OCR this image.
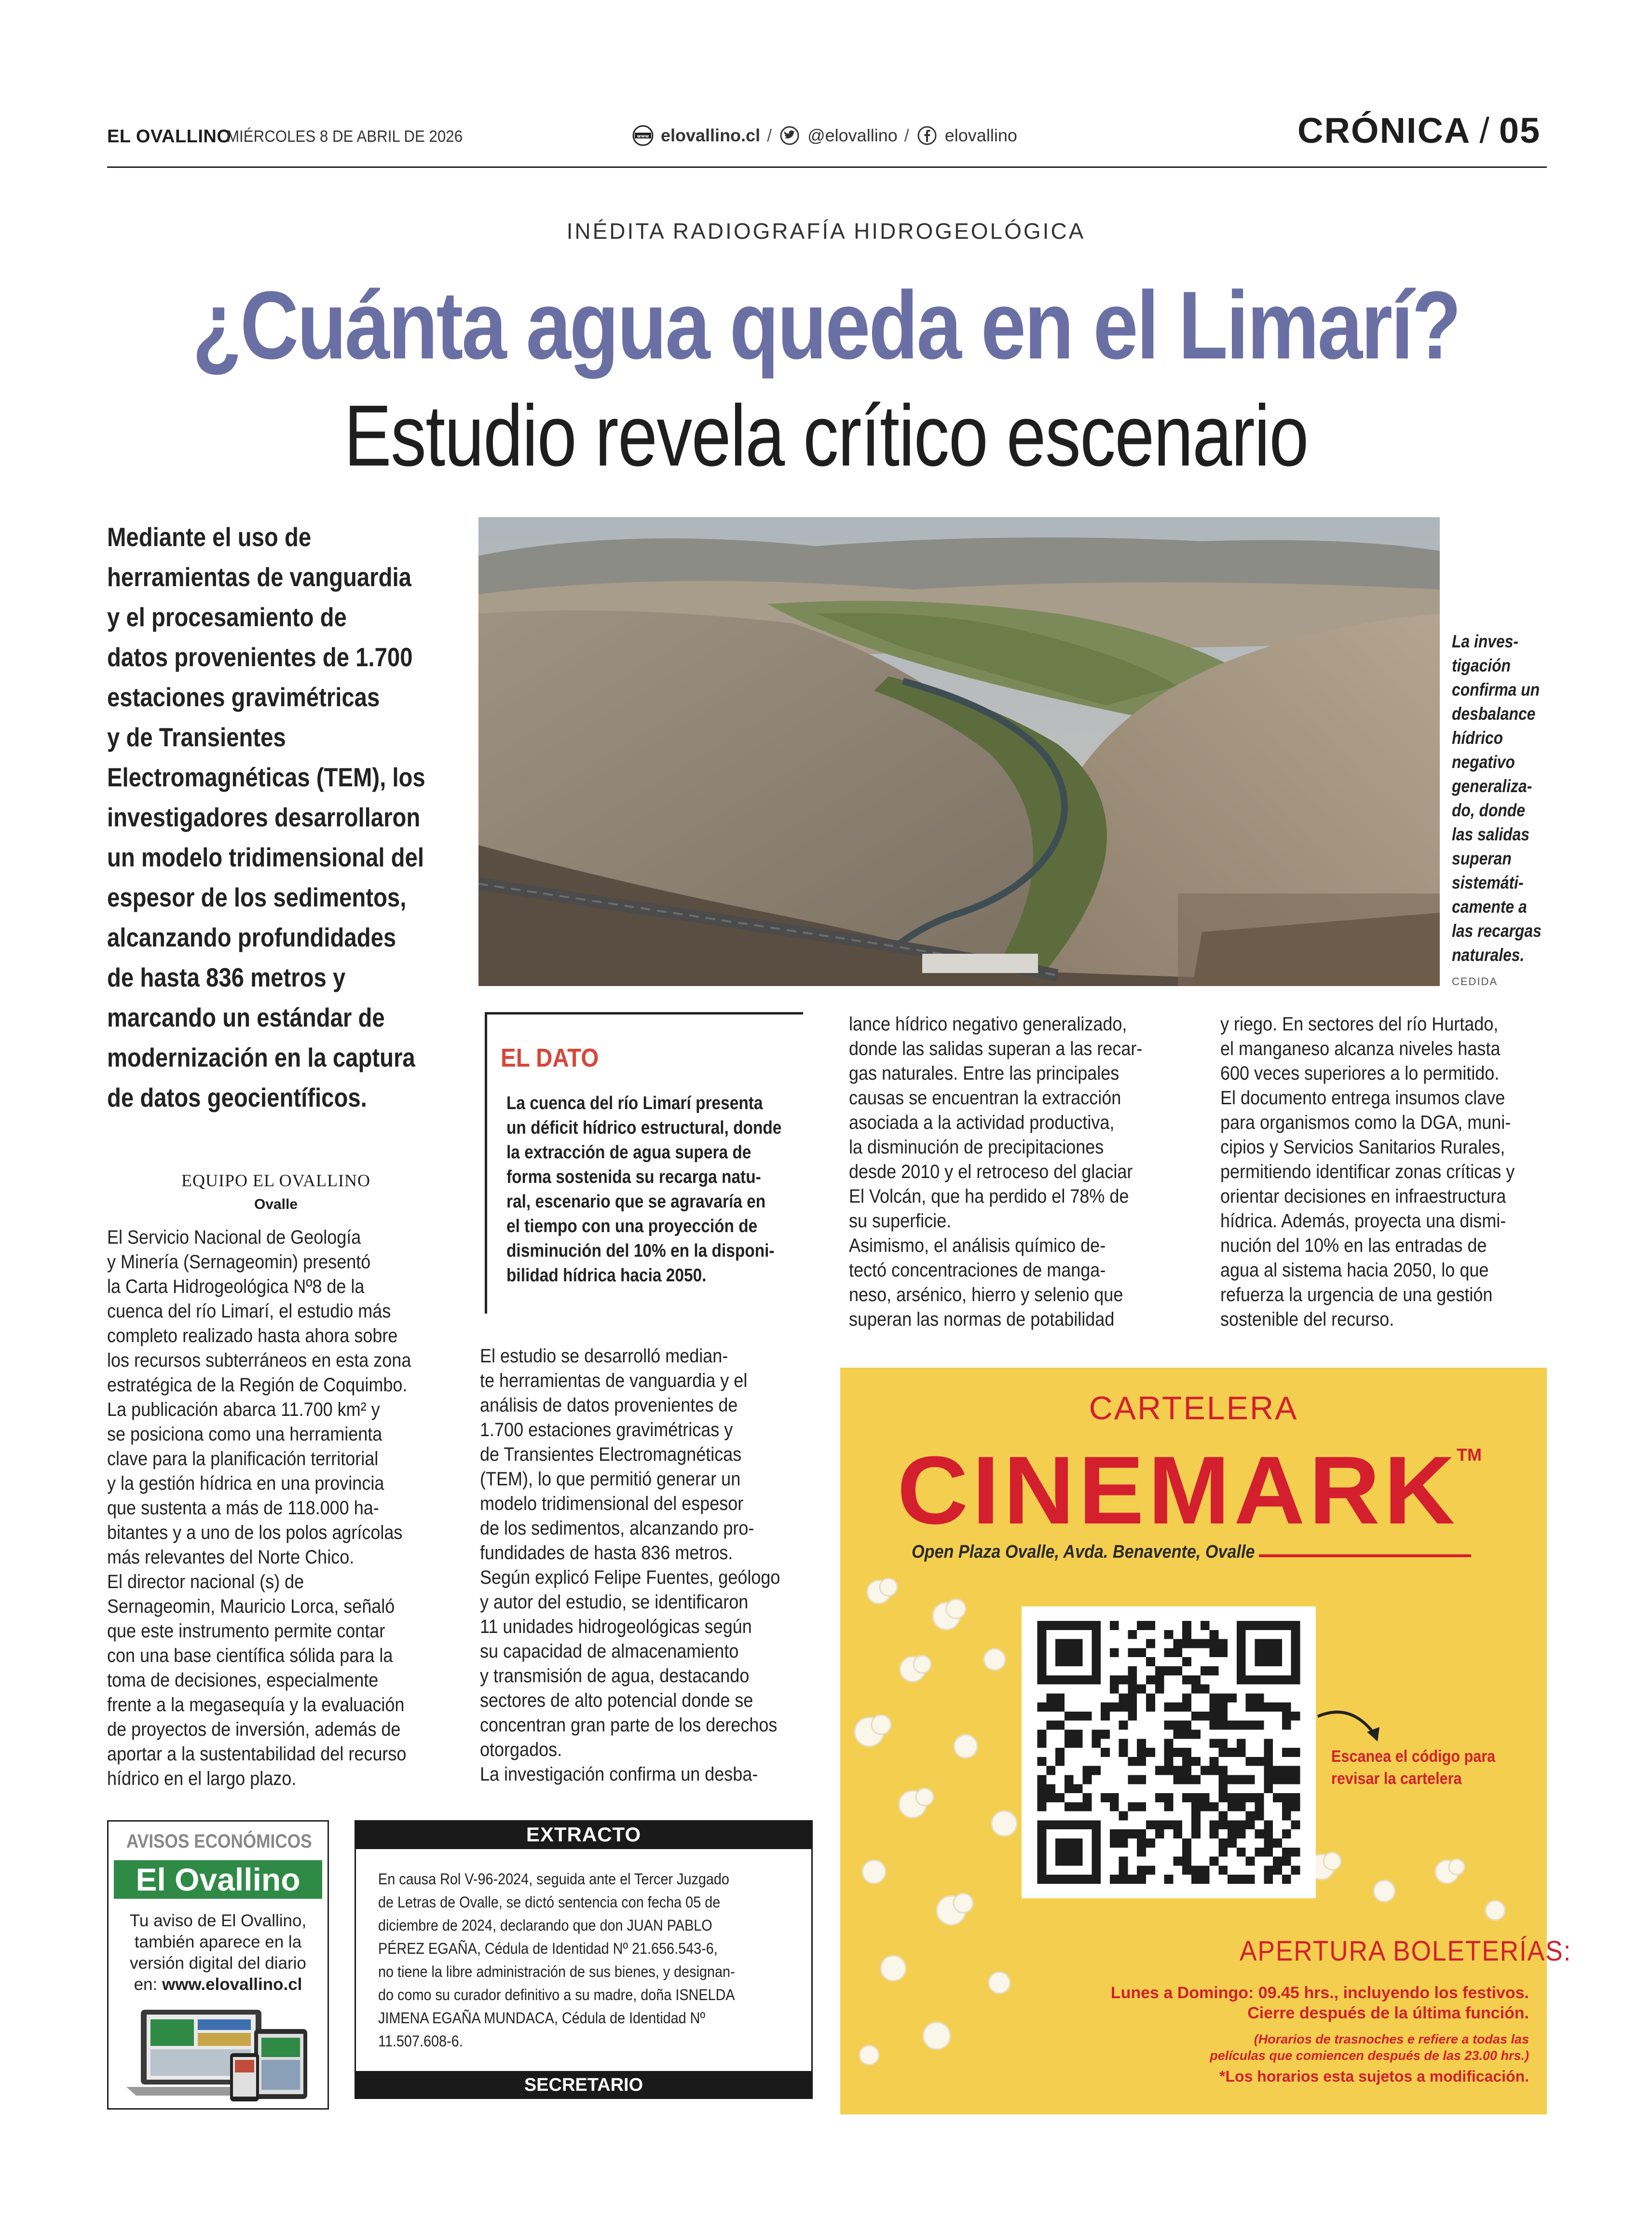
EL OVALLINO
MIÉRCOLES 8 DE ABRIL DE 2026	www elovallino.cl / @elovallino / elovallino	CRÓNICA / 05
INÉDITA RADIOGRAFÍA HIDROGEOLÓGICA
¿Cuánta agua queda en el Limarí?
Estudio revela crítico escenario
Mediante el uso de
herramientas de vanguardia
y el procesamiento de
datos provenientes de 1.700
estaciones gravimétricas
y de Transientes
Electromagnéticas (TEM), los
investigadores desarrollaron
un modelo tridimensional del
espesor de los sedimentos,
alcanzando profundidades
de hasta 836 metros y
marcando un estándar de
modernización en la captura
de datos geocientíficos.
La inves-
tigación
confirma un
desbalance
hídrico
negativo
generaliza-
do, donde
las salidas
superan
sistemáti-
camente a
las recargas
naturales.
CEDIDA
EQUIPO EL OVALLINO
Ovalle
El Servicio Nacional de Geología
y Minería (Sernageomin) presentó
la Carta Hidrogeológica Nº8 de la
cuenca del río Limarí, el estudio más
completo realizado hasta ahora sobre
los recursos subterráneos en esta zona
estratégica de la Región de Coquimbo.
La publicación abarca 11.700 km² y
se posiciona como una herramienta
clave para la planificación territorial
y la gestión hídrica en una provincia
que sustenta a más de 118.000 ha-
bitantes y a uno de los polos agrícolas
más relevantes del Norte Chico.
El director nacional (s) de
Sernageomin, Mauricio Lorca, señaló
que este instrumento permite contar
con una base científica sólida para la
toma de decisiones, especialmente
frente a la megasequía y la evaluación
de proyectos de inversión, además de
aportar a la sustentabilidad del recurso
hídrico en el largo plazo.
El estudio se desarrolló median-
te herramientas de vanguardia y el
análisis de datos provenientes de
1.700 estaciones gravimétricas y
de Transientes Electromagnéticas
(TEM), lo que permitió generar un
modelo tridimensional del espesor
de los sedimentos, alcanzando pro-
fundidades de hasta 836 metros.
Según explicó Felipe Fuentes, geólogo
y autor del estudio, se identificaron
11 unidades hidrogeológicas según
su capacidad de almacenamiento
y transmisión de agua, destacando
sectores de alto potencial donde se
concentran gran parte de los derechos
otorgados.
La investigación confirma un desba-
lance hídrico negativo generalizado,
donde las salidas superan a las recar-
gas naturales. Entre las principales
causas se encuentran la extracción
asociada a la actividad productiva,
la disminución de precipitaciones
desde 2010 y el retroceso del glaciar
El Volcán, que ha perdido el 78% de
su superficie.
Asimismo, el análisis químico de-
tectó concentraciones de manga-
neso, arsénico, hierro y selenio que
superan las normas de potabilidad
y riego. En sectores del río Hurtado,
el manganeso alcanza niveles hasta
600 veces superiores a lo permitido.
El documento entrega insumos clave
para organismos como la DGA, muni-
cipios y Servicios Sanitarios Rurales,
permitiendo identificar zonas críticas y
orientar decisiones en infraestructura
hídrica. Además, proyecta una dismi-
nución del 10% en las entradas de
agua al sistema hacia 2050, lo que
refuerza la urgencia de una gestión
sostenible del recurso.
EL DATO
La cuenca del río Limarí presenta
un déficit hídrico estructural, donde
la extracción de agua supera de
forma sostenida su recarga natu-
ral, escenario que se agravaría en
el tiempo con una proyección de
disminución del 10% en la disponi-
bilidad hídrica hacia 2050.
AVISOS ECONÓMICOS
El Ovallino
Tu aviso de El Ovallino,
también aparece en la
versión digital del diario
en: www.elovallino.cl
EXTRACTO
En causa Rol V-96-2024, seguida ante el Tercer Juzgado
de Letras de Ovalle, se dictó sentencia con fecha 05 de
diciembre de 2024, declarando que don JUAN PABLO
PÉREZ EGAÑA, Cédula de Identidad Nº 21.656.543-6,
no tiene la libre administración de sus bienes, y designan-
do como su curador definitivo a su madre, doña ISNELDA
JIMENA EGAÑA MUNDACA, Cédula de Identidad Nº
11.507.608-6.
SECRETARIO
CARTELERA
CINEMARK
TM
Open Plaza Ovalle, Avda. Benavente, Ovalle
Escanea el código para
revisar la cartelera
APERTURA BOLETERÍAS:
Lunes a Domingo: 09.45 hrs., incluyendo los festivos.
Cierre después de la última función.
(Horarios de trasnoches e refiere a todas las
películas que comiencen después de las 23.00 hrs.)
*Los horarios esta sujetos a modificación.
